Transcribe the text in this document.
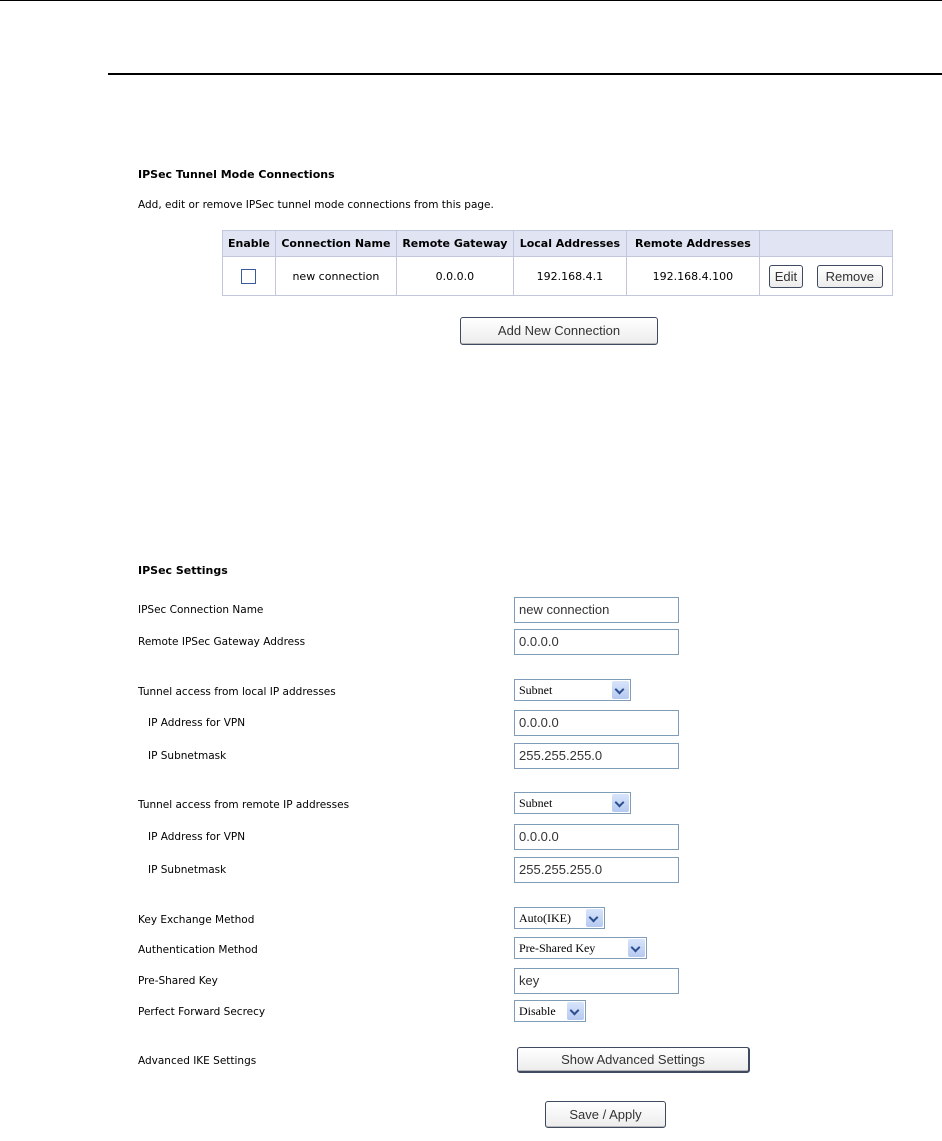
IPSec Tunnel Mode Connections
Add, edit or remove IPSec tunnel mode connections from this page.
Enable	Connection Name	Remote Gateway	Local Addresses	Remote Addresses	
	new connection	0.0.0.0	192.168.4.1	192.168.4.100	Edit Remove
Add New Connection
IPSec Settings
IPSec Connection Name	new connection
Remote IPSec Gateway Address	0.0.0.0
Tunnel access from local IP addresses	Subnet
IP Address for VPN	0.0.0.0
IP Subnetmask	255.255.255.0
Tunnel access from remote IP addresses	Subnet
IP Address for VPN	0.0.0.0
IP Subnetmask	255.255.255.0
Key Exchange Method	Auto(IKE)
Authentication Method	Pre-Shared Key
Pre-Shared Key	key
Perfect Forward Secrecy	Disable
Advanced IKE Settings	Show Advanced Settings
Save / Apply
